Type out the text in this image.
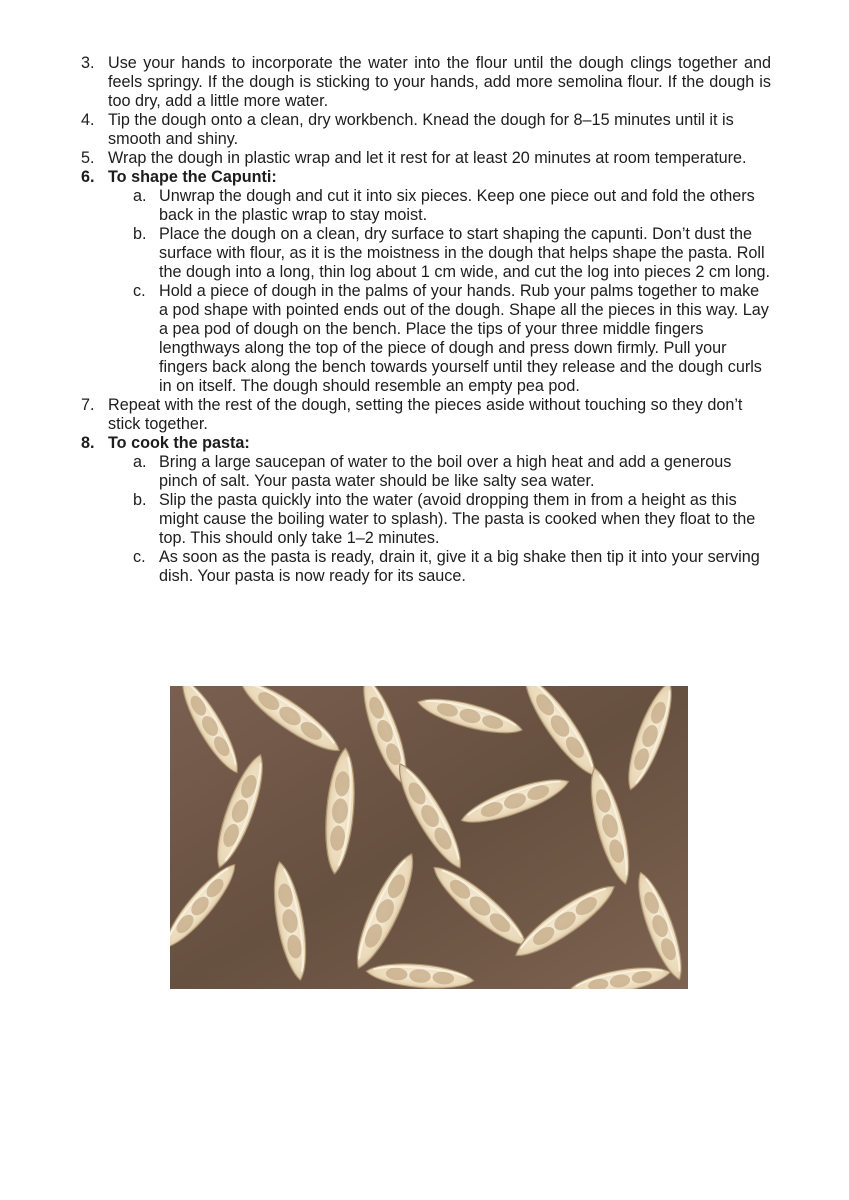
3. Use your hands to incorporate the water into the flour until the dough clings together and feels springy. If the dough is sticking to your hands, add more semolina flour. If the dough is too dry, add a little more water.
4. Tip the dough onto a clean, dry workbench. Knead the dough for 8–15 minutes until it is smooth and shiny.
5. Wrap the dough in plastic wrap and let it rest for at least 20 minutes at room temperature.
6. To shape the Capunti:
a. Unwrap the dough and cut it into six pieces. Keep one piece out and fold the others back in the plastic wrap to stay moist.
b. Place the dough on a clean, dry surface to start shaping the capunti. Don’t dust the surface with flour, as it is the moistness in the dough that helps shape the pasta. Roll the dough into a long, thin log about 1 cm wide, and cut the log into pieces 2 cm long.
c. Hold a piece of dough in the palms of your hands. Rub your palms together to make a pod shape with pointed ends out of the dough. Shape all the pieces in this way. Lay a pea pod of dough on the bench. Place the tips of your three middle fingers lengthways along the top of the piece of dough and press down firmly. Pull your fingers back along the bench towards yourself until they release and the dough curls in on itself. The dough should resemble an empty pea pod.
7. Repeat with the rest of the dough, setting the pieces aside without touching so they don’t stick together.
8. To cook the pasta:
a. Bring a large saucepan of water to the boil over a high heat and add a generous pinch of salt. Your pasta water should be like salty sea water.
b. Slip the pasta quickly into the water (avoid dropping them in from a height as this might cause the boiling water to splash). The pasta is cooked when they float to the top. This should only take 1–2 minutes.
c. As soon as the pasta is ready, drain it, give it a big shake then tip it into your serving dish. Your pasta is now ready for its sauce.
